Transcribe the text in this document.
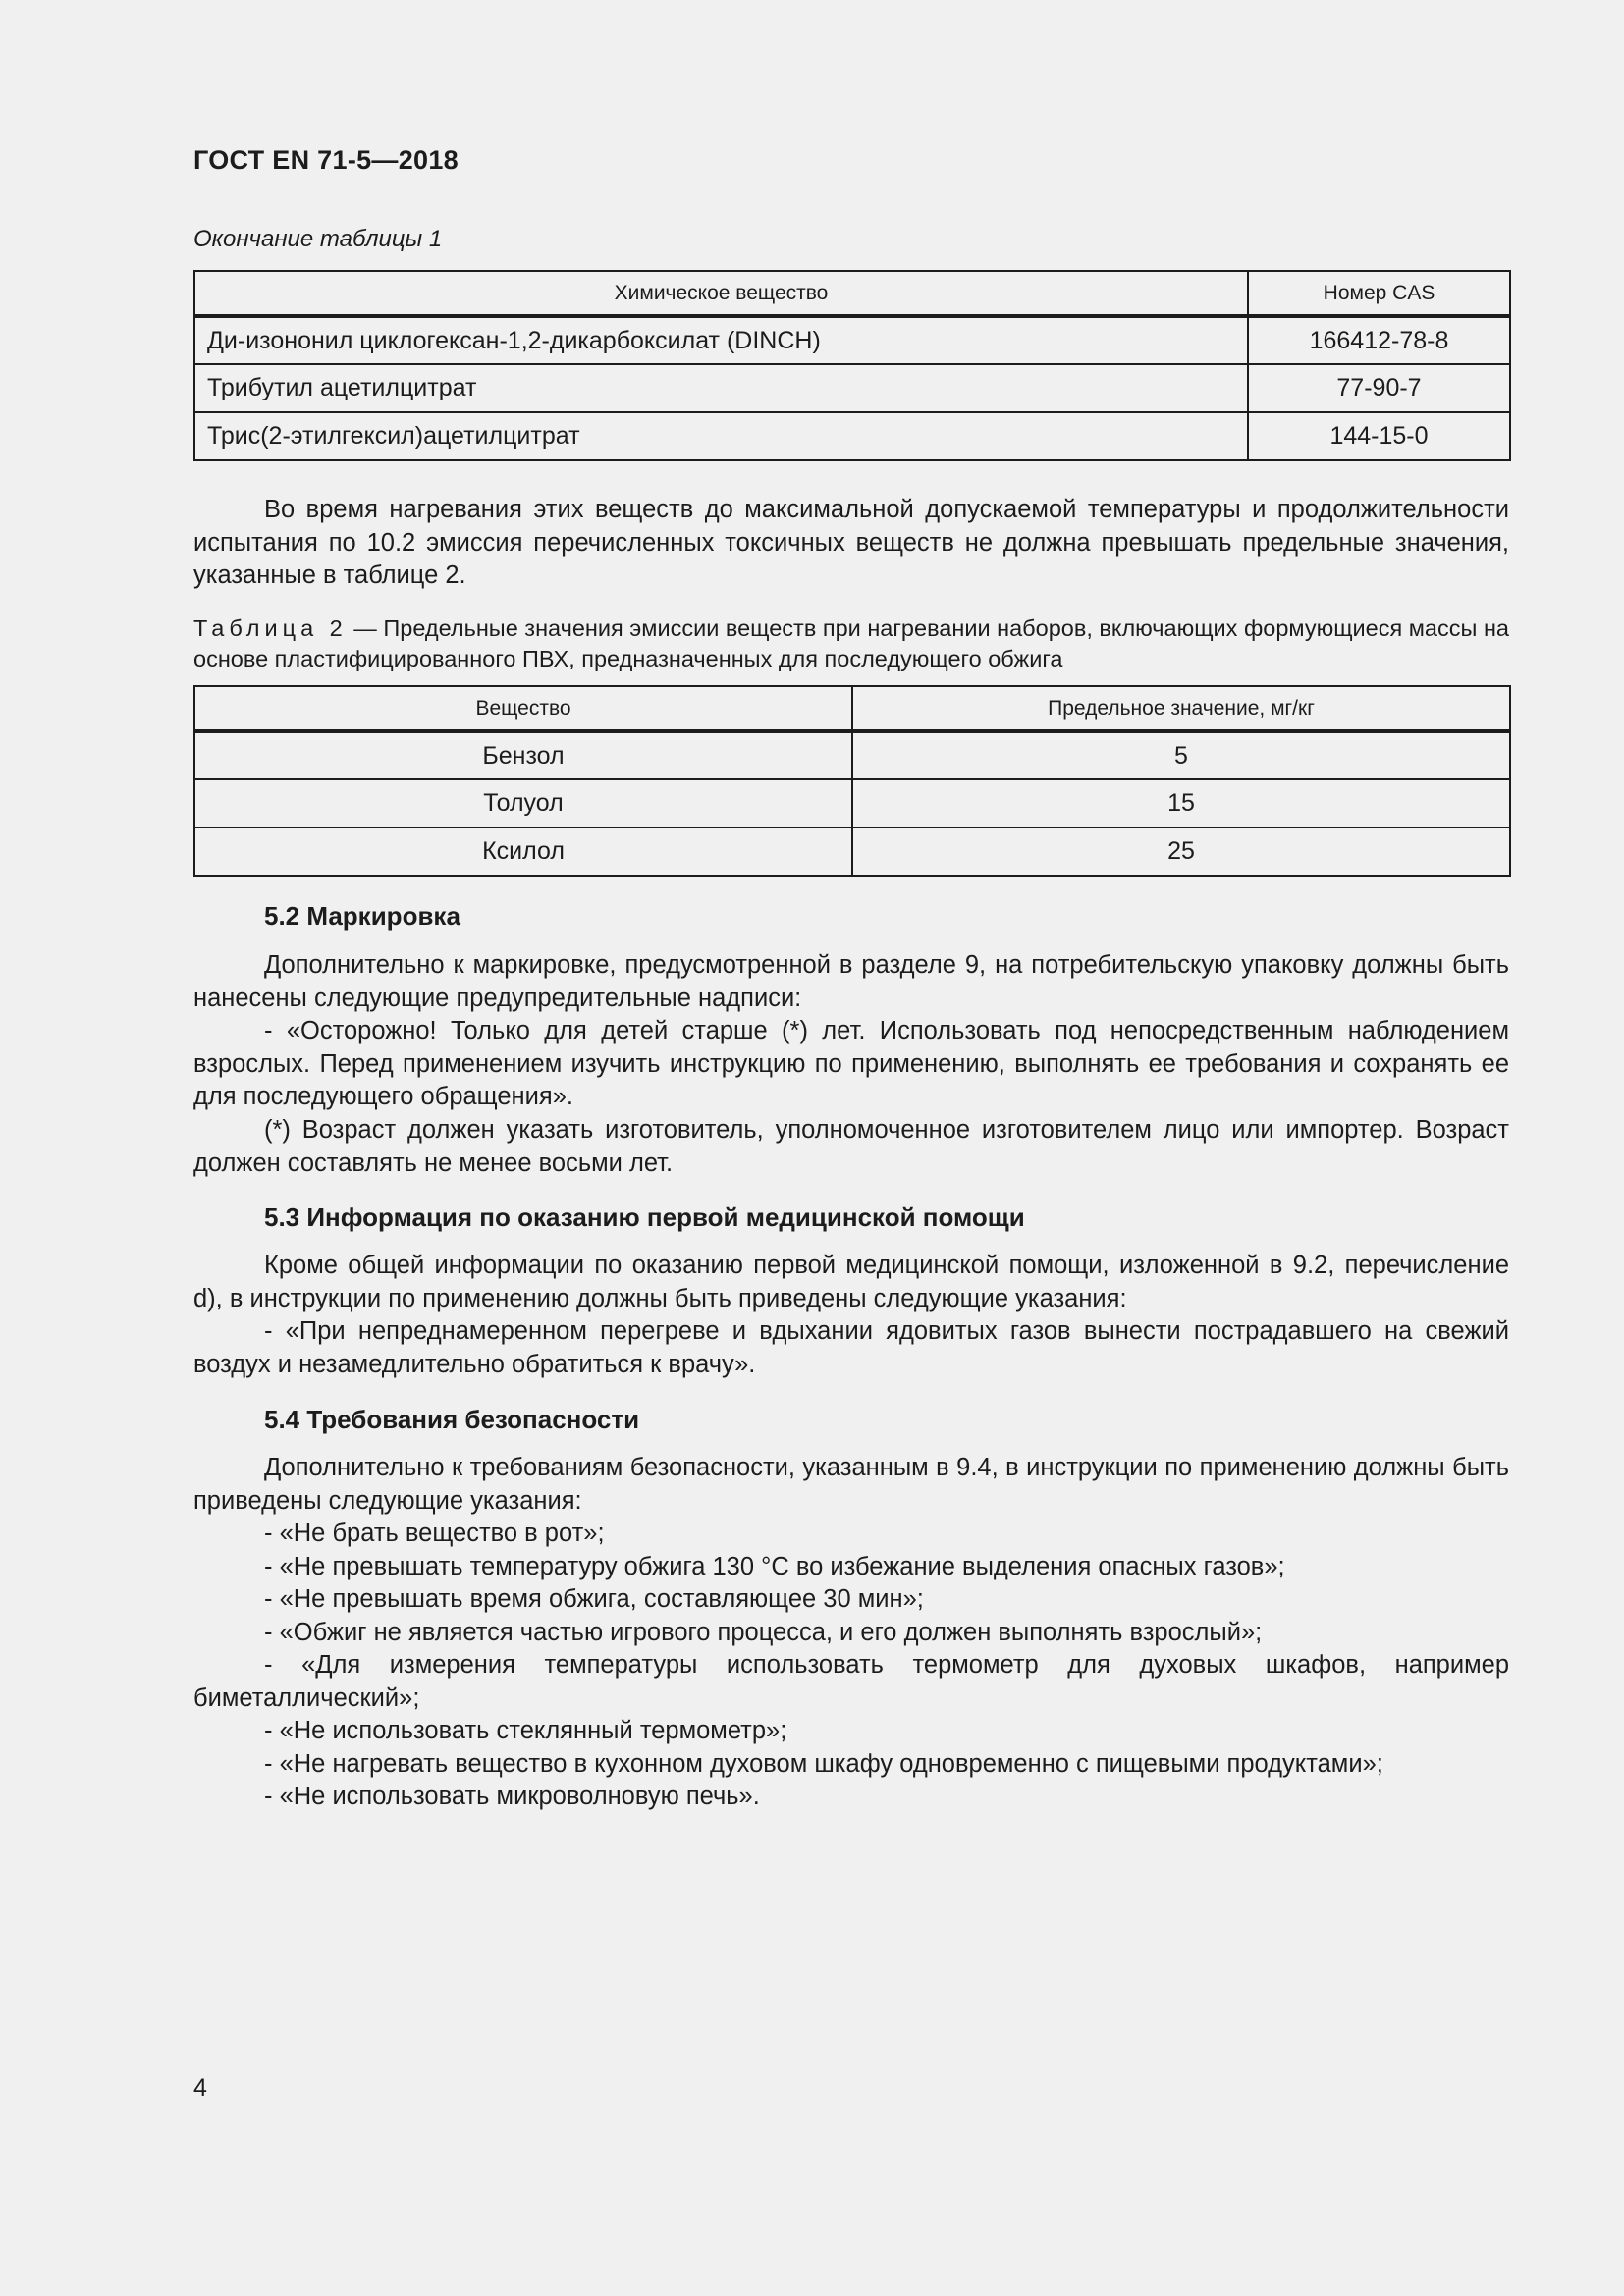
ГОСТ EN 71-5—2018
Окончание таблицы 1
Химическое вещество	Номер CAS
Ди-изононил циклогексан-1,2-дикарбоксилат (DINCH)	166412-78-8
Трибутил ацетилцитрат	77-90-7
Трис(2-этилгексил)ацетилцитрат	144-15-0

Во время нагревания этих веществ до максимальной допускаемой температуры и продолжительности испытания по 10.2 эмиссия перечисленных токсичных веществ не должна превышать предельные значения, указанные в таблице 2.

Таблица 2 — Предельные значения эмиссии веществ при нагревании наборов, включающих формующиеся массы на основе пластифицированного ПВХ, предназначенных для последующего обжига

Вещество	Предельное значение, мг/кг
Бензол	5
Толуол	15
Ксилол	25
5.2 Маркировка

Дополнительно к маркировке, предусмотренной в разделе 9, на потребительскую упаковку должны быть нанесены следующие предупредительные надписи:

- «Осторожно! Только для детей старше (*) лет. Использовать под непосредственным наблюдением взрослых. Перед применением изучить инструкцию по применению, выполнять ее требования и сохранять ее для последующего обращения».

(*) Возраст должен указать изготовитель, уполномоченное изготовителем лицо или импортер. Возраст должен составлять не менее восьми лет.

5.3 Информация по оказанию первой медицинской помощи

Кроме общей информации по оказанию первой медицинской помощи, изложенной в 9.2, перечисление d), в инструкции по применению должны быть приведены следующие указания:

- «При непреднамеренном перегреве и вдыхании ядовитых газов вынести пострадавшего на свежий воздух и незамедлительно обратиться к врачу».

5.4 Требования безопасности

Дополнительно к требованиям безопасности, указанным в 9.4, в инструкции по применению должны быть приведены следующие указания:

- «Не брать вещество в рот»;
- «Не превышать температуру обжига 130 °С во избежание выделения опасных газов»;
- «Не превышать время обжига, составляющее 30 мин»;
- «Обжиг не является частью игрового процесса, и его должен выполнять взрослый»;
- «Для измерения температуры использовать термометр для духовых шкафов, например биметаллический»;
- «Не использовать стеклянный термометр»;
- «Не нагревать вещество в кухонном духовом шкафу одновременно с пищевыми продуктами»;
- «Не использовать микроволновую печь».
4
